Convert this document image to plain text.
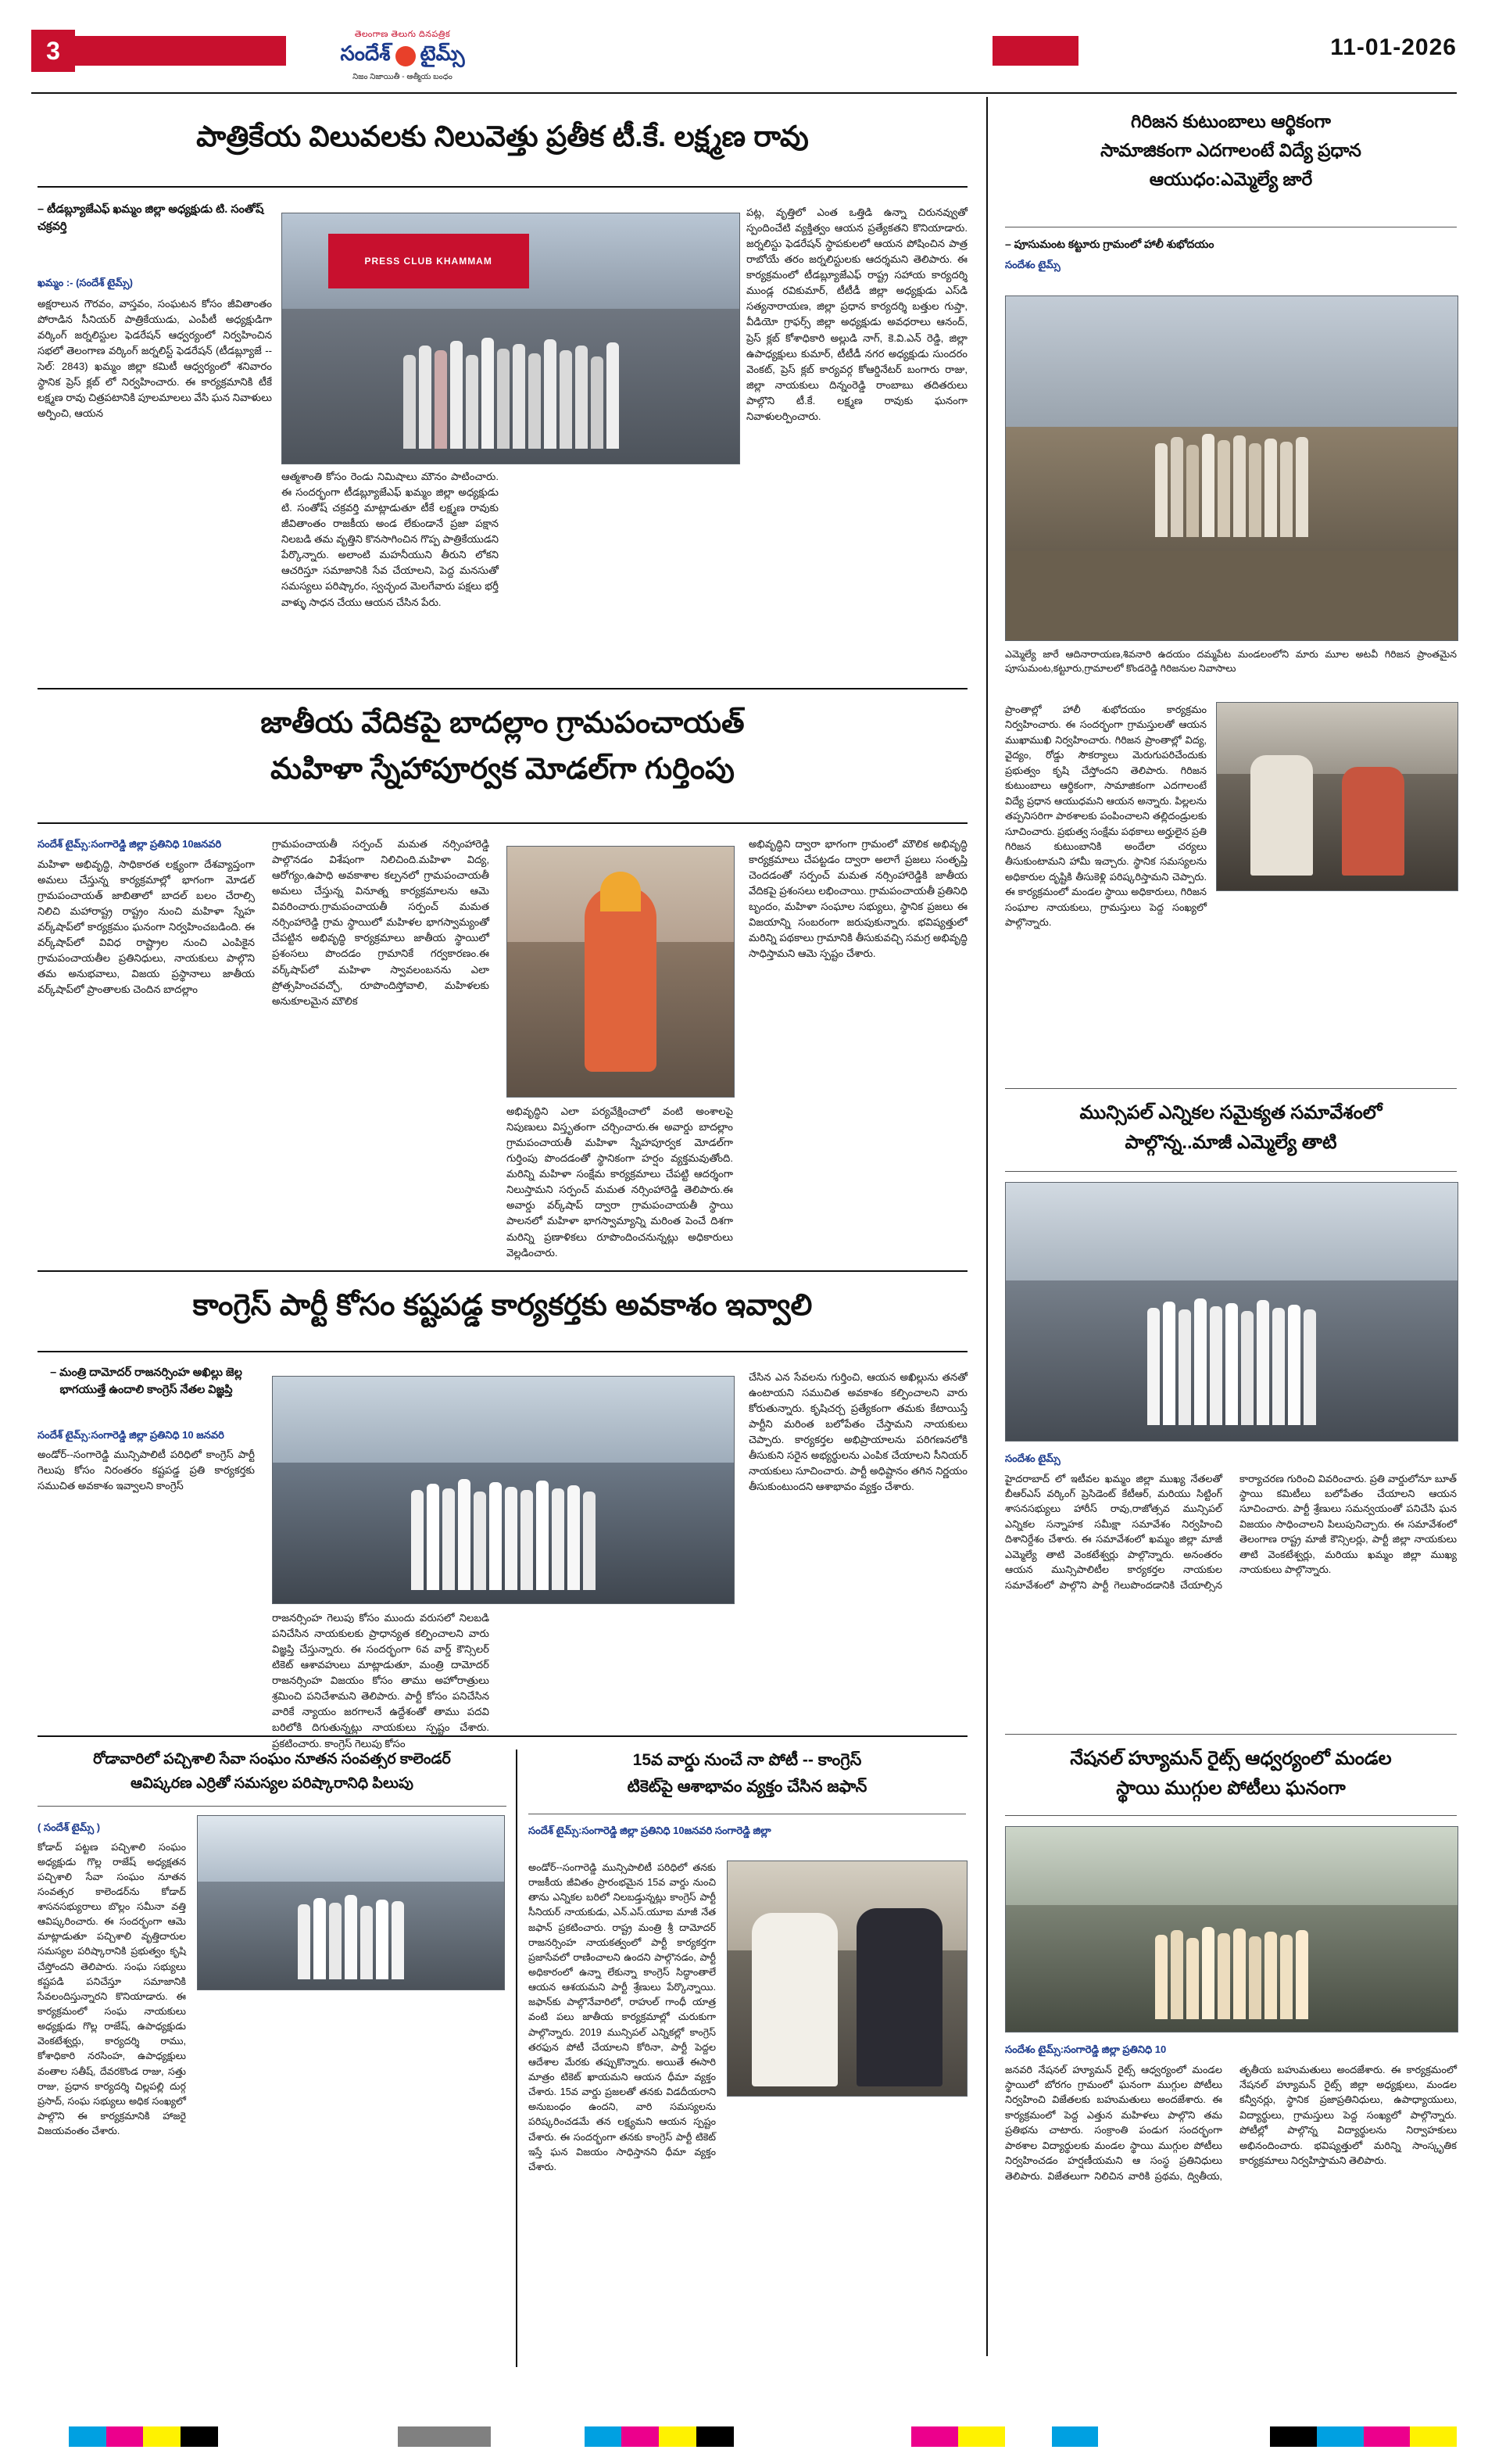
3
తెలంగాణ తెలుగు దినపత్రిక
సందేశ్ టైమ్స్
నిజం నిజాయితీ - ఆత్మీయ బంధం
11-01-2026
పాత్రికేయ విలువలకు నిలువెత్తు ప్రతీక టీ.కే. లక్ష్మణ రావు
– టీడబ్ల్యూజేఎఫ్ ఖమ్మం జిల్లా అధ్యక్షుడు టి. సంతోష్ చక్రవర్తి
ఖమ్మం :- (సందేశ్ టైమ్స్)
అక్షరాలున గౌరవం, వాస్తవం, సంఘటన కోసం జీవితాంతం పోరాడిన సీనియర్ పాత్రికేయుడు, ఎంపీటీ అధ్యక్షుడిగా వర్కింగ్ జర్నలిస్టుల ఫెడరేషన్ ఆధ్వర్యంలో నిర్వహించిన సభలో తెలంగాణ వర్కింగ్ జర్నలిస్ట్ ఫెడరేషన్ (టీడబ్ల్యూజే -- సెల్: 2843) ఖమ్మం జిల్లా కమిటీ ఆధ్వర్యంలో శనివారం స్థానిక ప్రెస్ క్లబ్ లో నిర్వహించారు. ఈ కార్యక్రమానికి టీకే లక్ష్మణ రావు చిత్రపటానికి పూలమాలలు వేసి ఘన నివాళులు అర్పించి, ఆయన
PRESS CLUB KHAMMAM
ఆత్మశాంతి కోసం రెండు నిమిషాలు మౌనం పాటించారు. ఈ సందర్భంగా టీడబ్ల్యూజేఎఫ్ ఖమ్మం జిల్లా అధ్యక్షుడు టి. సంతోష్ చక్రవర్తి మాట్లాడుతూ టీకే లక్ష్మణ రావుకు జీవితాంతం రాజకీయ అండ లేకుండానే ప్రజా పక్షాన నిలబడి తమ వృత్తిని కొనసాగించిన గొప్ప పాత్రికేయుడని పేర్కొన్నారు. అలాంటి మహనీయుని తీరుని లోకని ఆచరిస్తూ సమాజానికి సేవ చేయాలని, పెద్ద మనసుతో సమస్యలు పరిష్కారం, స్వచ్ఛంద మెలగేవారు పక్షలు భర్తీ వాళ్ళు సాధన చేయు ఆయన చేసిన పేరు.
పట్ల, వృత్తిలో ఎంత ఒత్తిడి ఉన్నా చిరునవ్వుతో స్పందించేటి వ్యక్తిత్వం ఆయన ప్రత్యేకతని కొనియాడారు. జర్నలిస్టు ఫెడరేషన్ స్థాపకులలో ఆయన పోషించిన పాత్ర రాబోయే తరం జర్నలిస్టులకు ఆదర్శమని తెలిపారు. ఈ కార్యక్రమంలో టీడబ్ల్యూజేఎఫ్ రాష్ట్ర సహాయ కార్యదర్శి ముండ్ల రవికుమార్, టీటీడీ జిల్లా అధ్యక్షుడు ఎస్‌డి సత్యనారాయణ, జిల్లా ప్రధాన కార్యదర్శి బత్తుల గుప్తా, వీడియో గ్రాఫర్స్ జిల్లా అధ్యక్షుడు అవధరాలు ఆనంద్, ప్రెస్ క్లబ్ కోశాధికారి అల్లుడి నాగ్, కె.వి.ఎన్ రెడ్డి, జిల్లా ఉపాధ్యక్షులు కుమార్, టీటీడీ నగర అధ్యక్షుడు సుందరం వెంకట్, ప్రెస్ క్లబ్ కార్యవర్గ కోఆర్డినేటర్ బంగారు రాజు, జిల్లా నాయకులు దిన్నంరెడ్డి రాంబాబు తదితరులు పాల్గొని టీ.కే. లక్ష్మణ రావుకు ఘనంగా నివాళులర్పించారు.
జాతీయ వేదికపై బాదల్లాం గ్రామపంచాయత్
మహిళా స్నేహాపూర్వక మోడల్‌గా గుర్తింపు
సందేశ్ టైమ్స్:సంగారెడ్డి జిల్లా ప్రతినిధి 10జనవరి
మహిళా అభివృద్ధి, సాధికారత లక్ష్యంగా దేశవ్యాప్తంగా అమలు చేస్తున్న కార్యక్రమాల్లో భాగంగా మోడల్ గ్రామపంచాయత్ జాబితాలో బాదల్ బలం చేరాల్సి నిలిచి మహారాష్ట్ర రాష్ట్రం నుంచి మహిళా స్నేహ వర్క్‌షాప్‌లో కార్యక్రమం ఘనంగా నిర్వహించబడింది. ఈ వర్క్‌షాప్‌లో వివిధ రాష్ట్రాల నుంచి ఎంపికైన గ్రామపంచాయతీల ప్రతినిధులు, నాయకులు పాల్గొని తమ అనుభవాలు, విజయ ప్రస్థానాలు జాతీయ వర్క్‌షాప్‌లో ప్రాంతాలకు చెందిన బాదల్లాం
గ్రామపంచాయతీ సర్పంచ్ మమత నర్సింహారెడ్డి పాల్గొనడం విశేషంగా నిలిచింది.మహిళా విద్య, ఆరోగ్యం,ఉపాధి అవకాశాల కల్పనలో గ్రామపంచాయతీ అమలు చేస్తున్న వినూత్న కార్యక్రమాలను ఆమె వివరించారు.గ్రామపంచాయతీ సర్పంచ్ మమత నర్సింహారెడ్డి గ్రామ స్థాయిలో మహిళల భాగస్వామ్యంతో చేపట్టిన అభివృద్ధి కార్యక్రమాలు జాతీయ స్థాయిలో ప్రశంసలు పొందడం గ్రామానికే గర్వకారణం.ఈ వర్క్‌షాప్‌లో మహిళా స్వావలంబనను ఎలా ప్రోత్సహించవచ్చో, రూపొందిస్తోవాలి, మహిళలకు అనుకూలమైన మౌలిక
అభివృద్ధిని ఎలా పర్యవేక్షించాలో వంటి అంశాలపై నిపుణులు విస్తృతంగా చర్చించారు.ఈ అవార్డు బాదల్లాం గ్రామపంచాయతీ మహిళా స్నేహపూర్వక మోడల్‌గా గుర్తింపు పొందడంతో స్థానికంగా హర్షం వ్యక్తమవుతోంది. మరిన్ని మహిళా సంక్షేమ కార్యక్రమాలు చేపట్టి ఆదర్శంగా నిలుస్తామని సర్పంచ్ మమత నర్సింహారెడ్డి తెలిపారు.ఈ అవార్డు వర్క్‌షాప్ ద్వారా గ్రామపంచాయతీ స్థాయి పాలనలో మహిళా భాగస్వామ్యాన్ని మరింత పెంచే దిశగా మరిన్ని ప్రణాళికలు రూపొందించనున్నట్లు అధికారులు వెల్లడించారు.
అభివృద్ధిని ద్వారా భాగంగా గ్రామంలో మౌలిక అభివృద్ధి కార్యక్రమాలు చేపట్టడం ద్వారా అలాగే ప్రజలు సంతృప్తి చెందడంతో సర్పంచ్ మమత నర్సింహారెడ్డికి జాతీయ వేదికపై ప్రశంసలు లభించాయి. గ్రామపంచాయతీ ప్రతినిధి బృందం, మహిళా సంఘాల సభ్యులు, స్థానిక ప్రజలు ఈ విజయాన్ని సంబరంగా జరుపుకున్నారు. భవిష్యత్తులో మరిన్ని పథకాలు గ్రామానికి తీసుకువచ్చి సమగ్ర అభివృద్ధి సాధిస్తామని ఆమె స్పష్టం చేశారు.
కాంగ్రెస్ పార్టీ కోసం కష్టపడ్డ కార్యకర్తకు అవకాశం ఇవ్వాలి
– మంత్రి దామోదర్ రాజనర్సింహ అఖిల్లు జెల్ల భాగయుత్తే ఉందాలి కాంగ్రెస్ నేతల విజ్ఞప్తి
సందేశ్ టైమ్స్:సంగారెడ్డి జిల్లా ప్రతినిధి 10 జనవరి
అండోర్‌--సంగారెడ్డి మున్సిపాలిటీ పరిధిలో కాంగ్రెస్ పార్టీ గెలుపు కోసం నిరంతరం కష్టపడ్డ ప్రతి కార్యకర్తకు సముచిత అవకాశం ఇవ్వాలని కాంగ్రెస్
రాజనర్సింహ గెలుపు కోసం ముందు వరుసలో నిలబడి పనిచేసిన నాయకులకు ప్రాధాన్యత కల్పించాలని వారు విజ్ఞప్తి చేస్తున్నారు. ఈ సందర్భంగా 6వ వార్డ్ కౌన్సిలర్ టికెట్ ఆశావహులు మాట్లాడుతూ, మంత్రి దామోదర్ రాజనర్సింహ విజయం కోసం తాము అహోరాత్రులు శ్రమించి పనిచేశామని తెలిపారు. పార్టీ కోసం పనిచేసిన వారికే న్యాయం జరగాలనే ఉద్దేశంతో తాము పదవి బరిలోకి దిగుతున్నట్లు నాయకులు స్పష్టం చేశారు. ప్రకటించారు. కాంగ్రెస్ గెలుపు కోసం
చేసిన ఎన సేవలను గుర్తించి, ఆయన అఖిల్లును తనతో ఉంటాయని సముచిత అవకాశం కల్పించాలని వారు కోరుతున్నారు. కృషిచర్చ ప్రత్యేకంగా తమకు కేటాయిస్తే పార్టీని మరింత బలోపేతం చేస్తామని నాయకులు చెప్పారు. కార్యకర్తల అభిప్రాయాలను పరిగణనలోకి తీసుకుని సరైన అభ్యర్థులను ఎంపిక చేయాలని సీనియర్ నాయకులు సూచించారు. పార్టీ అధిష్టానం తగిన నిర్ణయం తీసుకుంటుందని ఆశాభావం వ్యక్తం చేశారు.
రోడావారిలో పచ్చిశాలి సేవా సంఘం నూతన సంవత్సర కాలెండర్
ఆవిష్కరణ ఎర్రితో సమస్యల పరిష్కారానిధి పిలుపు
( సందేశ్ టైమ్స్ )
కోడాద్ పట్టణ పచ్చిశాలి సంఘం అధ్యక్షుడు గొల్ల రాజేష్ అధ్యక్షతన పచ్చిశాలి సేవా సంఘం నూతన సంవత్సర కాలెండర్‌ను కోడాద్ శాసనసభ్యురాలు బొల్లం సమీనా వత్తి ఆవిష్కరించారు. ఈ సందర్భంగా ఆమె మాట్లాడుతూ పచ్చిశాలి వృత్తిదారుల సమస్యల పరిష్కారానికి ప్రభుత్వం కృషి చేస్తోందని తెలిపారు. సంఘ సభ్యులు కష్టపడి పనిచేస్తూ సమాజానికి సేవలందిస్తున్నారని కొనియాడారు. ఈ కార్యక్రమంలో సంఘ నాయకులు అధ్యక్షుడు గొల్ల రాజేష్, ఉపాధ్యక్షుడు వెంకటేశ్వర్లు, కార్యదర్శి రాము, కోశాధికారి నరసింహ, ఉపాధ్యక్షులు వంతాల సతీష్, దేవరకొండ రాజు, సత్తు రాజు, ప్రధాన కార్యదర్శి చిల్లపల్లి దుర్గ ప్రసాద్, సంఘ సభ్యులు అధిక సంఖ్యలో పాల్గొని ఈ కార్యక్రమానికి హాజరై విజయవంతం చేశారు.
15వ వార్డు నుంచే నా పోటీ -- కాంగ్రెస్
టికెట్‌పై ఆశాభావం వ్యక్తం చేసిన జఫాన్
సందేశ్ టైమ్స్:సంగారెడ్డి జిల్లా ప్రతినిధి 10జనవరి సంగారెడ్డి జిల్లా
అండోర్--సంగారెడ్డి మున్సిపాలిటీ పరిధిలో తనకు రాజకీయ జీవితం ప్రారంభమైన 15వ వార్డు నుంచి తాను ఎన్నికల బరిలో నిలబడ్తున్నట్లు కాంగ్రెస్ పార్టీ సీనియర్ నాయకుడు, ఎన్.ఎస్.యూఐ మాజీ నేత జఫాన్ ప్రకటించారు. రాష్ట్ర మంత్రి శ్రీ దామోదర్ రాజనర్సింహ నాయకత్వంలో పార్టీ కార్యకర్తగా ప్రజాసేవలో రాణించాలని ఉందని పాల్గొనడం, పార్టీ అధికారంలో ఉన్నా లేకున్నా కాంగ్రెస్ సిద్ధాంతాలే ఆయన ఆశయమని పార్టీ శ్రేణులు పేర్కొన్నాయి. జఫాన్‌కు పాల్గొనేవారిలో, రాహుల్ గాంధీ యాత్ర వంటి పలు జాతీయ కార్యక్రమాల్లో చురుకుగా పాల్గొన్నారు. 2019 మున్సిపల్ ఎన్నికల్లో కాంగ్రెస్ తరఫున పోటీ చేయాలని కోరినా, పార్టీ పెద్దల ఆదేశాల మేరకు తప్పుకొన్నారు. అయితే ఈసారి మాత్రం టికెట్ ఖాయమని ఆయన ధీమా వ్యక్తం చేశారు. 15వ వార్డు ప్రజలతో తనకు విడదీయరాని అనుబంధం ఉందని, వారి సమస్యలను పరిష్కరించడమే తన లక్ష్యమని ఆయన స్పష్టం చేశారు. ఈ సందర్భంగా తనకు కాంగ్రెస్ పార్టీ టికెట్ ఇస్తే ఘన విజయం సాధిస్తానని ధీమా వ్యక్తం చేశారు.
గిరిజన కుటుంబాలు ఆర్థికంగా
సామాజికంగా ఎదగాలంటే విద్యే ప్రధాన
ఆయుధం:ఎమ్మెల్యే జారే
– పూసుమంట కట్టూరు గ్రామంలో హాలీ శుభోదయం
సందేశం టైమ్స్
ఎమ్మెల్యే జారే ఆదినారాయణ,శివనారి ఉదయం దమ్మపేట మండలంలోని మారు మూల అటవీ గిరిజన ప్రాంతమైన పూసుమంట,కట్టూరు,గ్రామాలలో కొండరెడ్డి గిరిజనుల నివాసాలు
ప్రాంతాల్లో హాలీ శుభోదయం కార్యక్రమం నిర్వహించారు. ఈ సందర్భంగా గ్రామస్తులతో ఆయన ముఖాముఖి నిర్వహించారు. గిరిజన ప్రాంతాల్లో విద్య, వైద్యం, రోడ్డు సౌకర్యాలు మెరుగుపరిచేందుకు ప్రభుత్వం కృషి చేస్తోందని తెలిపారు. గిరిజన కుటుంబాలు ఆర్థికంగా, సామాజికంగా ఎదగాలంటే విద్యే ప్రధాన ఆయుధమని ఆయన అన్నారు. పిల్లలను తప్పనిసరిగా పాఠశాలకు పంపించాలని తల్లిదండ్రులకు సూచించారు. ప్రభుత్వ సంక్షేమ పథకాలు అర్హులైన ప్రతి గిరిజన కుటుంబానికి అందేలా చర్యలు తీసుకుంటామని హామీ ఇచ్చారు. స్థానిక సమస్యలను అధికారుల దృష్టికి తీసుకెళ్లి పరిష్కరిస్తామని చెప్పారు. ఈ కార్యక్రమంలో మండల స్థాయి అధికారులు, గిరిజన సంఘాల నాయకులు, గ్రామస్తులు పెద్ద సంఖ్యలో పాల్గొన్నారు.
మున్సిపల్ ఎన్నికల సమైక్యత సమావేశంలో
పాల్గొన్న..మాజీ ఎమ్మెల్యే తాటి
సందేశం టైమ్స్
హైదరాబాద్ లో ఇటీవల ఖమ్మం జిల్లా ముఖ్య నేతలతో బీఆర్ఎస్ వర్కింగ్ ప్రెసిడెంట్ కేటీఆర్, మరియు సిట్టింగ్ శాసనసభ్యులు హారీస్ రావు,రాజోత్సవ మున్సిపల్ ఎన్నికల సన్నాహక సమీక్షా సమావేశం నిర్వహించి దిశానిర్దేశం చేశారు. ఈ సమావేశంలో ఖమ్మం జిల్లా మాజీ ఎమ్మెల్యే తాటి వెంకటేశ్వర్లు పాల్గొన్నారు. అనంతరం ఆయన మున్సిపాలిటీల కార్యకర్తల నాయకుల సమావేశంలో పాల్గొని పార్టీ గెలుపొందడానికి చేయాల్సిన కార్యాచరణ గురించి వివరించారు. ప్రతి వార్డులోనూ బూత్ స్థాయి కమిటీలు బలోపేతం చేయాలని ఆయన సూచించారు. పార్టీ శ్రేణులు సమన్వయంతో పనిచేసి ఘన విజయం సాధించాలని పిలుపునిచ్చారు. ఈ సమావేశంలో తెలంగాణ రాష్ట్ర మాజీ కౌన్సిలర్లు, పార్టీ జిల్లా నాయకులు తాటి వెంకటేశ్వర్లు, మరియు ఖమ్మం జిల్లా ముఖ్య నాయకులు పాల్గొన్నారు.
నేషనల్ హ్యూమన్ రైట్స్ ఆధ్వర్యంలో మండల
స్థాయి ముగ్గుల పోటీలు ఘనంగా
సందేశం టైమ్స్:సంగారెడ్డి జిల్లా ప్రతినిధి 10
జనవరి నేషనల్ హ్యూమన్ రైట్స్ ఆధ్వర్యంలో మండల స్థాయిలో బోరగం గ్రామంలో ఘనంగా ముగ్గుల పోటీలు నిర్వహించి విజేతలకు బహుమతులు అందజేశారు. ఈ కార్యక్రమంలో పెద్ద ఎత్తున మహిళలు పాల్గొని తమ ప్రతిభను చాటారు. సంక్రాంతి పండుగ సందర్భంగా పాఠశాల విద్యార్థులకు మండల స్థాయి ముగ్గుల పోటీలు నిర్వహించడం హర్షణీయమని ఆ సంస్థ ప్రతినిధులు తెలిపారు. విజేతలుగా నిలిచిన వారికి ప్రథమ, ద్వితీయ, తృతీయ బహుమతులు అందజేశారు. ఈ కార్యక్రమంలో నేషనల్ హ్యూమన్ రైట్స్ జిల్లా అధ్యక్షులు, మండల కన్వీనర్లు, స్థానిక ప్రజాప్రతినిధులు, ఉపాధ్యాయులు, విద్యార్థులు, గ్రామస్తులు పెద్ద సంఖ్యలో పాల్గొన్నారు. పోటీల్లో పాల్గొన్న విద్యార్థులను నిర్వాహకులు అభినందించారు. భవిష్యత్తులో మరిన్ని సాంస్కృతిక కార్యక్రమాలు నిర్వహిస్తామని తెలిపారు.
